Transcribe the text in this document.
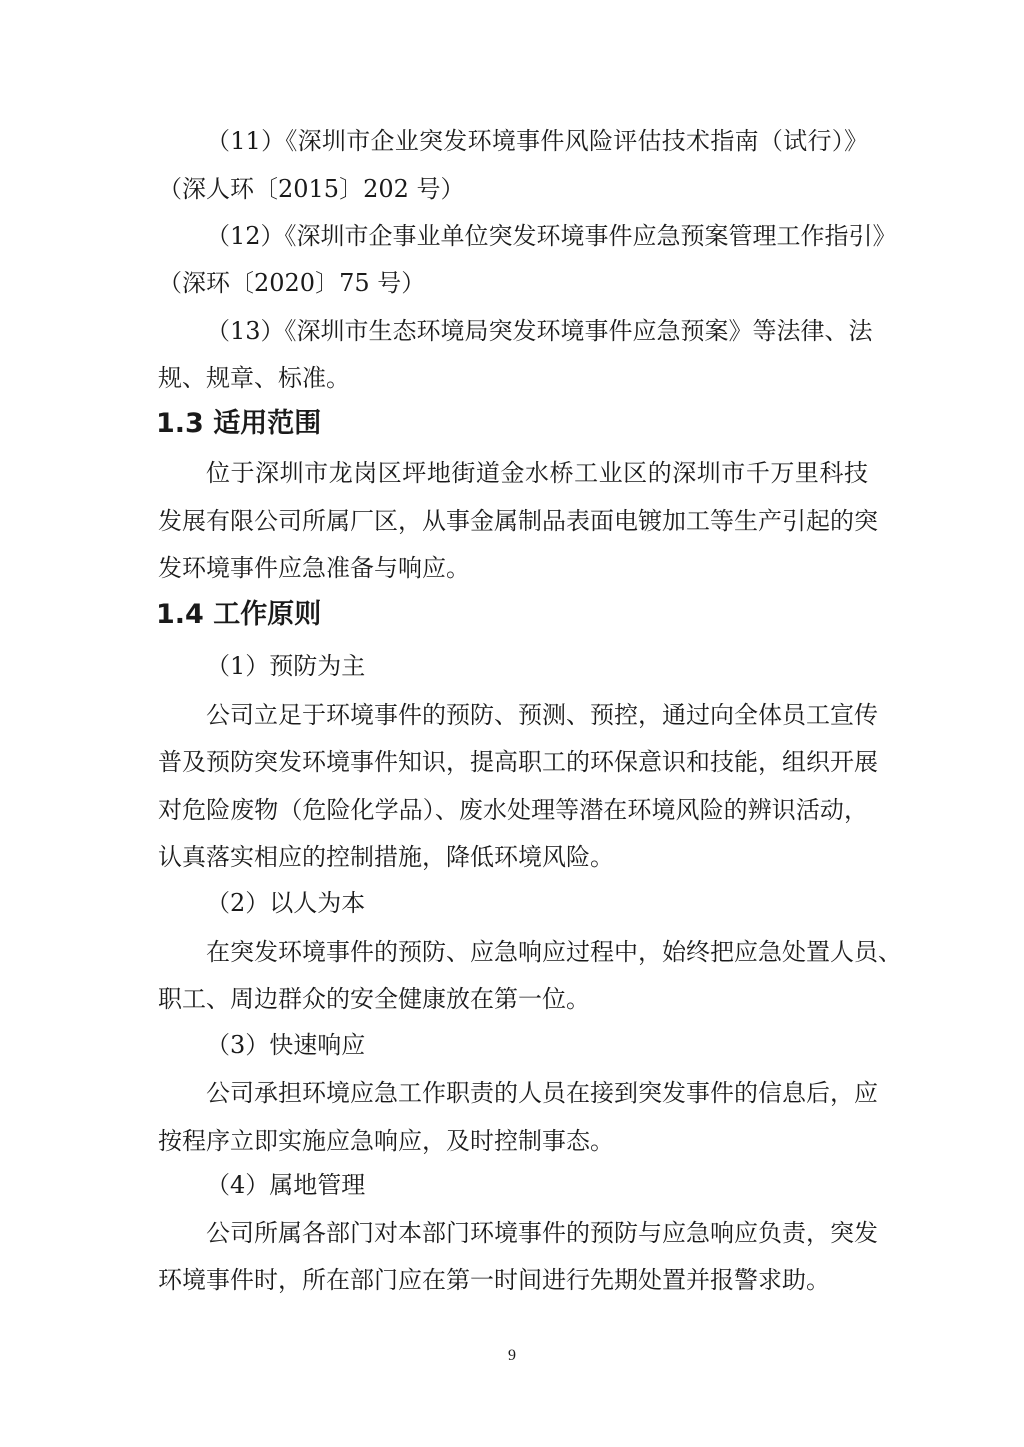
（11）《深圳市企业突发环境事件风险评估技术指南（试行）》
（深人环〔2015〕202 号）
（12）《深圳市企事业单位突发环境事件应急预案管理工作指引》
（深环〔2020〕75 号）
（13）《深圳市生态环境局突发环境事件应急预案》等法律、法
规、规章、标准。
1.3 适用范围
位于深圳市龙岗区坪地街道金水桥工业区的深圳市千万里科技
发展有限公司所属厂区，从事金属制品表面电镀加工等生产引起的突
发环境事件应急准备与响应。
1.4 工作原则
（1）预防为主
公司立足于环境事件的预防、预测、预控，通过向全体员工宣传
普及预防突发环境事件知识，提高职工的环保意识和技能，组织开展
对危险废物（危险化学品）、废水处理等潜在环境风险的辨识活动，
认真落实相应的控制措施，降低环境风险。
（2）以人为本
在突发环境事件的预防、应急响应过程中，始终把应急处置人员、
职工、周边群众的安全健康放在第一位。
（3）快速响应
公司承担环境应急工作职责的人员在接到突发事件的信息后，应
按程序立即实施应急响应，及时控制事态。
（4）属地管理
公司所属各部门对本部门环境事件的预防与应急响应负责，突发
环境事件时，所在部门应在第一时间进行先期处置并报警求助。
9
